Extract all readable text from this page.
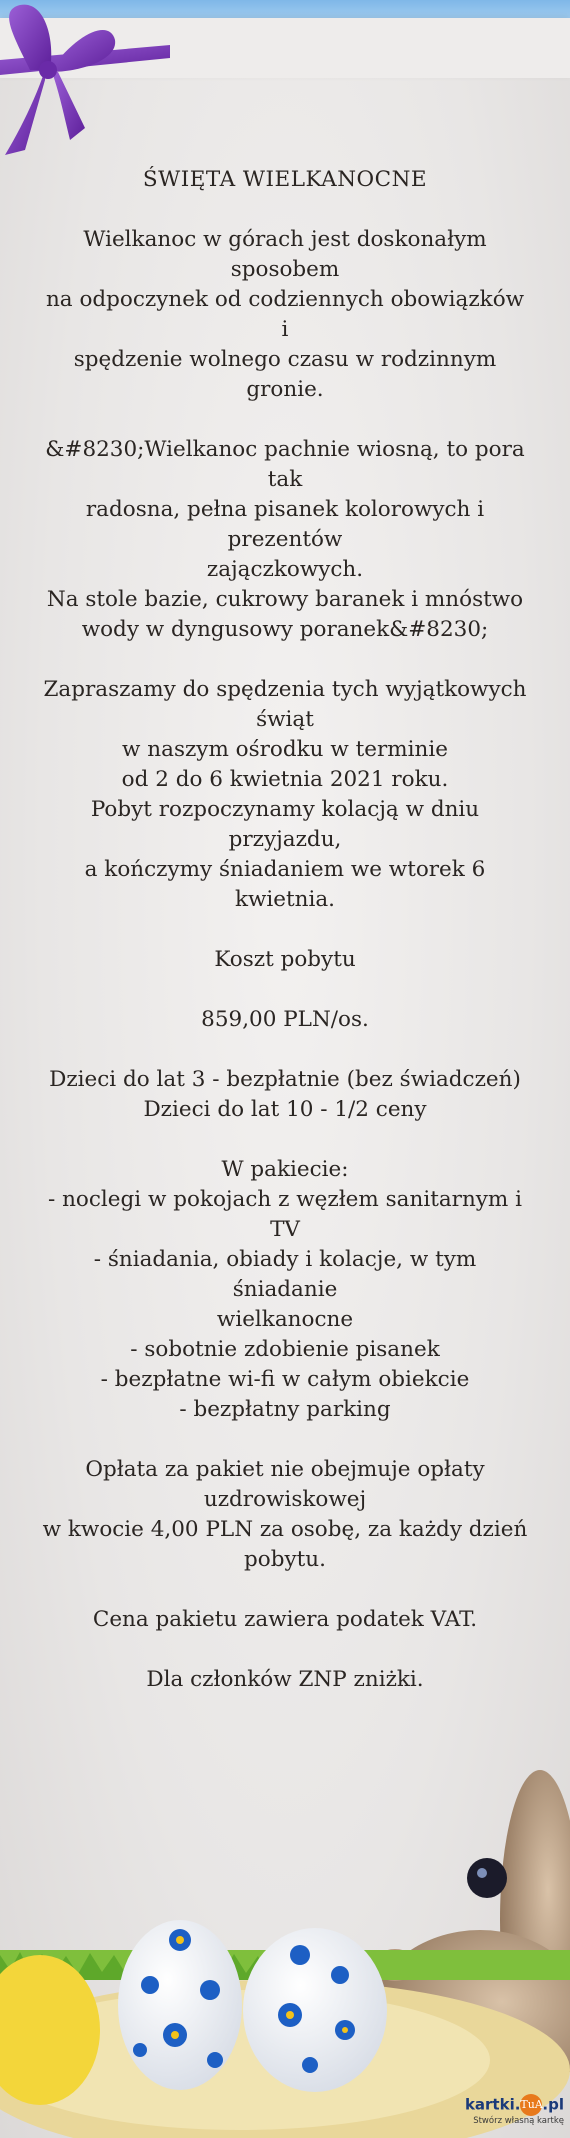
ŚWIĘTA WIELKANOCNE

Wielkanoc w górach jest doskonałym sposobem
na odpoczynek od codziennych obowiązków i
spędzenie wolnego czasu w rodzinnym gronie.

&#8230;Wielkanoc pachnie wiosną, to pora tak
radosna, pełna pisanek kolorowych i prezentów
zajączkowych.
Na stole bazie, cukrowy baranek i mnóstwo
wody w dyngusowy poranek&#8230;

Zapraszamy do spędzenia tych wyjątkowych
świąt
w naszym ośrodku w terminie
od 2 do 6 kwietnia 2021 roku.
Pobyt rozpoczynamy kolacją w dniu przyjazdu,
a kończymy śniadaniem we wtorek 6 kwietnia.

Koszt pobytu

859,00 PLN/os.

Dzieci do lat 3 - bezpłatnie (bez świadczeń)
Dzieci do lat 10 - 1/2 ceny

W pakiecie:
- noclegi w pokojach z węzłem sanitarnym i TV
- śniadania, obiady i kolacje, w tym śniadanie
wielkanocne
- sobotnie zdobienie pisanek
- bezpłatne wi-fi w całym obiekcie
- bezpłatny parking

Opłata za pakiet nie obejmuje opłaty
uzdrowiskowej
w kwocie 4,00 PLN za osobę, za każdy dzień
pobytu.

Cena pakietu zawiera podatek VAT.

Dla członków ZNP zniżki.

kartki.TuA.pl
Stwórz własną kartkę
